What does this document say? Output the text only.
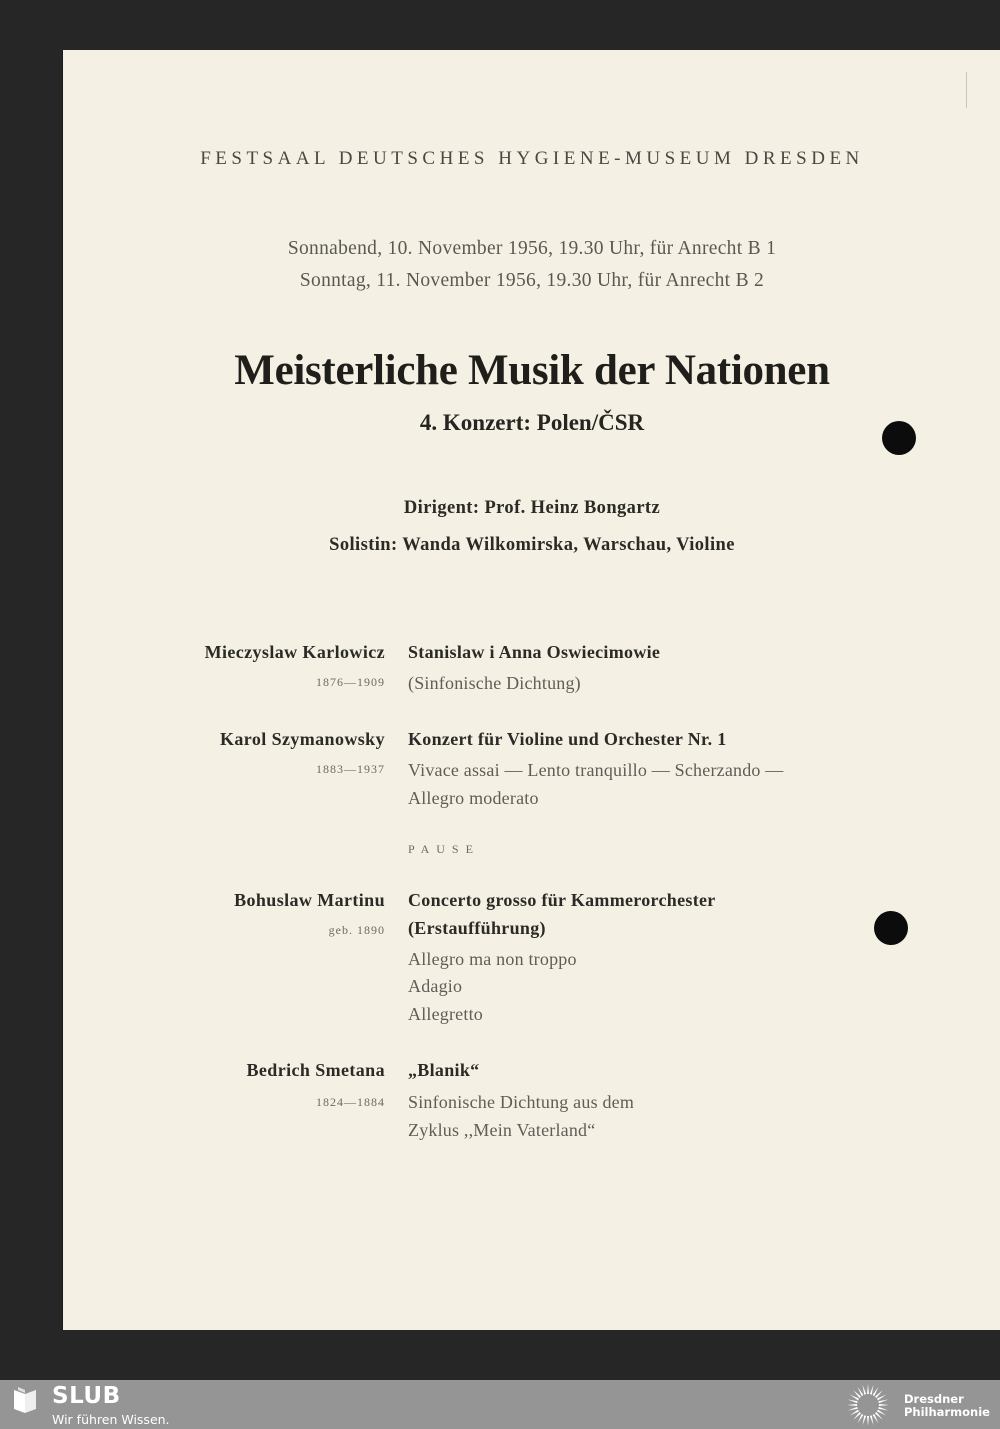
FESTSAAL DEUTSCHES HYGIENE-MUSEUM DRESDEN
Sonnabend, 10. November 1956, 19.30 Uhr, für Anrecht B 1
Sonntag, 11. November 1956, 19.30 Uhr, für Anrecht B 2
Meisterliche Musik der Nationen
4. Konzert: Polen/ČSR
Dirigent: Prof. Heinz Bongartz
Solistin: Wanda Wilkomirska, Warschau, Violine
Mieczyslaw Karlowicz
1876—1909
Stanislaw i Anna Oswiecimowie
(Sinfonische Dichtung)
Karol Szymanowsky
1883—1937
Konzert für Violine und Orchester Nr. 1
Vivace assai — Lento tranquillo — Scherzando —
Allegro moderato
PAUSE
Bohuslaw Martinu
geb. 1890
Concerto grosso für Kammerorchester
(Erstaufführung)
Allegro ma non troppo
Adagio
Allegretto
Bedrich Smetana
1824—1884
„Blanik“
Sinfonische Dichtung aus dem
Zyklus ,,Mein Vaterland“
SLUB
Wir führen Wissen.
Dresdner
Philharmonie
